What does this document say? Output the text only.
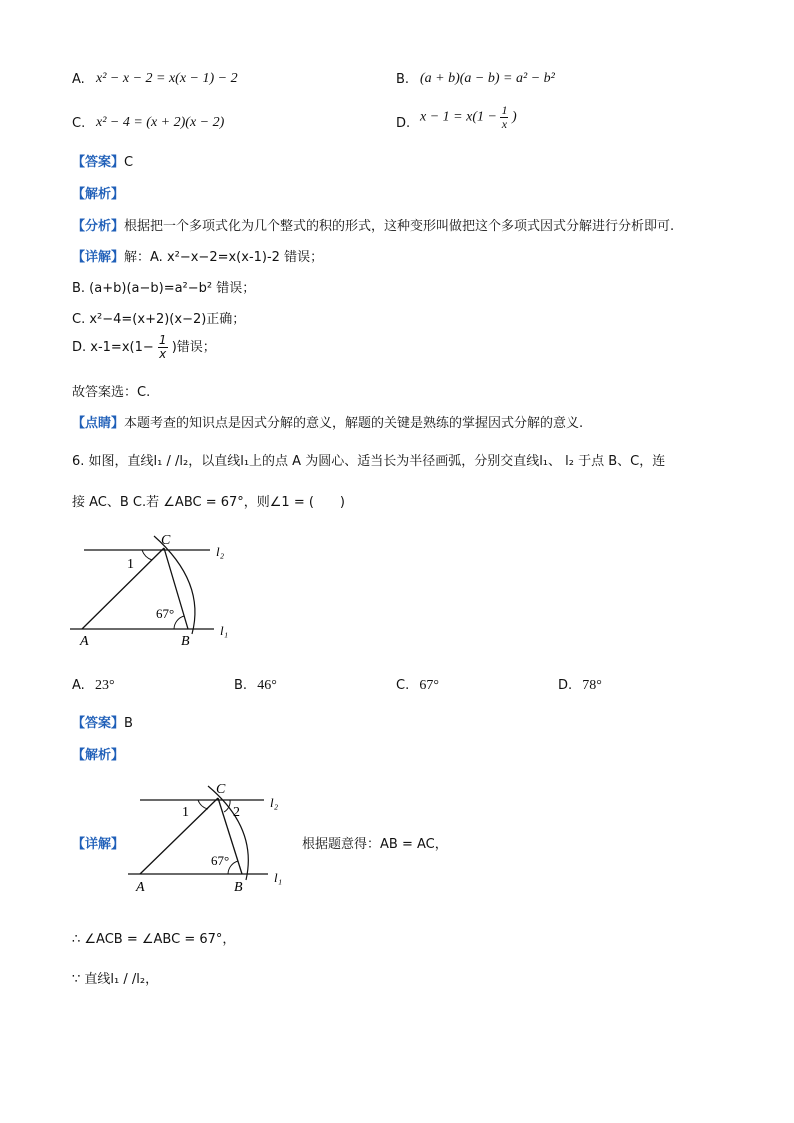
A. x² − x − 2 = x(x − 1) − 2	B. (a + b)(a − b) = a² − b²
C. x² − 4 = (x + 2)(x − 2)	D. $x - 1 = x(1 - \frac{1}{x}$ )
【答案】C
【解析】
【分析】根据把一个多项式化为几个整式的积的形式，这种变形叫做把这个多项式因式分解进行分析即可.
【详解】解：A. x²−x−2=x(x-1)-2 错误；
B. (a+b)(a−b)=a²−b² 错误；
C. x²−4=(x+2)(x−2)正确；
D. $x-1=x(1- \frac{1}{x}$ )错误；
故答案选：C.
【点睛】本题考查的知识点是因式分解的意义，解题的关键是熟练的掌握因式分解的意义.
6. 如图，直线l₁ / /l₂，以直线l₁上的点 A 为圆心、适当长为半径画弧，分别交直线l₁、 l₂ 于点 B、C，连
接 AC、B C.若 ∠ABC = 67°，则∠1 = (　　)
C
l₂
1
67°
A	B
l₁
A. 23°	B. 46°	C. 67°	D. 78°
【答案】B
【解析】
【详解】
C
l₂
1	2
67°
A	B
l₁
根据题意得：AB = AC，
∴ ∠ACB = ∠ABC = 67°，
∵ 直线l₁ / /l₂，
